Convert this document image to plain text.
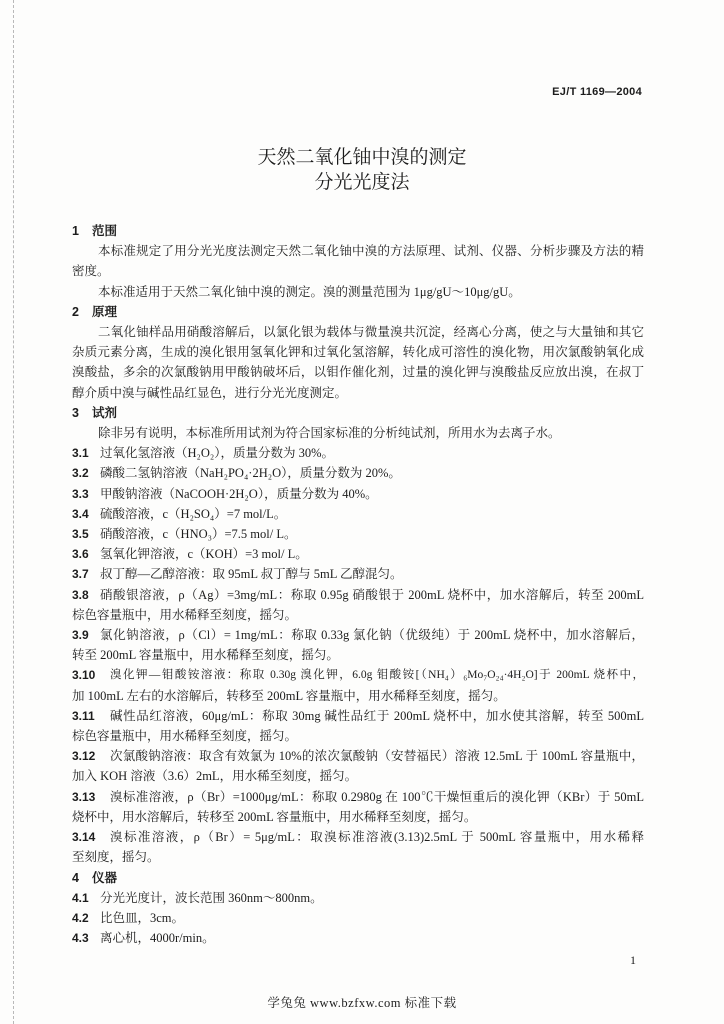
EJ/T 1169—2004
天然二氧化铀中溴的测定
分光光度法
1	范围
本标准规定了用分光光度法测定天然二氧化铀中溴的方法原理、试剂、仪器、分析步骤及方法的精
密度。
本标准适用于天然二氧化铀中溴的测定。溴的测量范围为 1μg/gU～10μg/gU。
2	原理
二氧化铀样品用硝酸溶解后，以氯化银为载体与微量溴共沉淀，经离心分离，使之与大量铀和其它
杂质元素分离，生成的溴化银用氢氧化钾和过氧化氢溶解，转化成可溶性的溴化物，用次氯酸钠氧化成
溴酸盐，多余的次氯酸钠用甲酸钠破坏后，以钼作催化剂，过量的溴化钾与溴酸盐反应放出溴，在叔丁
醇介质中溴与碱性品红显色，进行分光光度测定。
3	试剂
除非另有说明，本标准所用试剂为符合国家标准的分析纯试剂，所用水为去离子水。
3.1 过氧化氢溶液（H₂O₂），质量分数为 30%。
3.2 磷酸二氢钠溶液（NaH₂PO₄·2H₂O），质量分数为 20%。
3.3 甲酸钠溶液（NaCOOH·2H₂O），质量分数为 40%。
3.4 硫酸溶液，c（H₂SO₄）=7 mol/L。
3.5 硝酸溶液，c（HNO₃）=7.5 mol/ L。
3.6 氢氧化钾溶液，c（KOH）=3 mol/ L。
3.7 叔丁醇—乙醇溶液：取 95mL 叔丁醇与 5mL 乙醇混匀。
3.8 硝酸银溶液，ρ（Ag）=3mg/mL：称取 0.95g 硝酸银于 200mL 烧杯中，加水溶解后，转至 200mL
棕色容量瓶中，用水稀释至刻度，摇匀。
3.9 氯化钠溶液，ρ（Cl）= 1mg/mL：称取 0.33g 氯化钠（优级纯）于 200mL 烧杯中，加水溶解后，
转至 200mL 容量瓶中，用水稀释至刻度，摇匀。
3.10	溴化钾—钼酸铵溶液：称取 0.30g 溴化钾，6.0g 钼酸铵[（NH₄）₆Mo₇O₂₄·4H₂O]于 200mL 烧杯中，
加 100mL 左右的水溶解后，转移至 200mL 容量瓶中，用水稀释至刻度，摇匀。
3.11	碱性品红溶液，60μg/mL：称取 30mg 碱性品红于 200mL 烧杯中，加水使其溶解，转至 500mL
棕色容量瓶中，用水稀释至刻度，摇匀。
3.12	次氯酸钠溶液：取含有效氯为 10%的浓次氯酸钠（安替福民）溶液 12.5mL 于 100mL 容量瓶中，
加入 KOH 溶液（3.6）2mL，用水稀至刻度，摇匀。
3.13	溴标准溶液，ρ（Br）=1000μg/mL：称取 0.2980g 在 100℃干燥恒重后的溴化钾（KBr）于 50mL
烧杯中，用水溶解后，转移至 200mL 容量瓶中，用水稀释至刻度，摇匀。
3.14	溴标准溶液，ρ（Br）= 5μg/mL：取溴标准溶液(3.13)2.5mL 于 500mL 容量瓶中，用水稀释
至刻度，摇匀。
4	仪器
4.1 分光光度计，波长范围 360nm～800nm。
4.2 比色皿，3cm。
4.3 离心机，4000r/min。
1
学兔兔 www.bzfxw.com 标准下载
